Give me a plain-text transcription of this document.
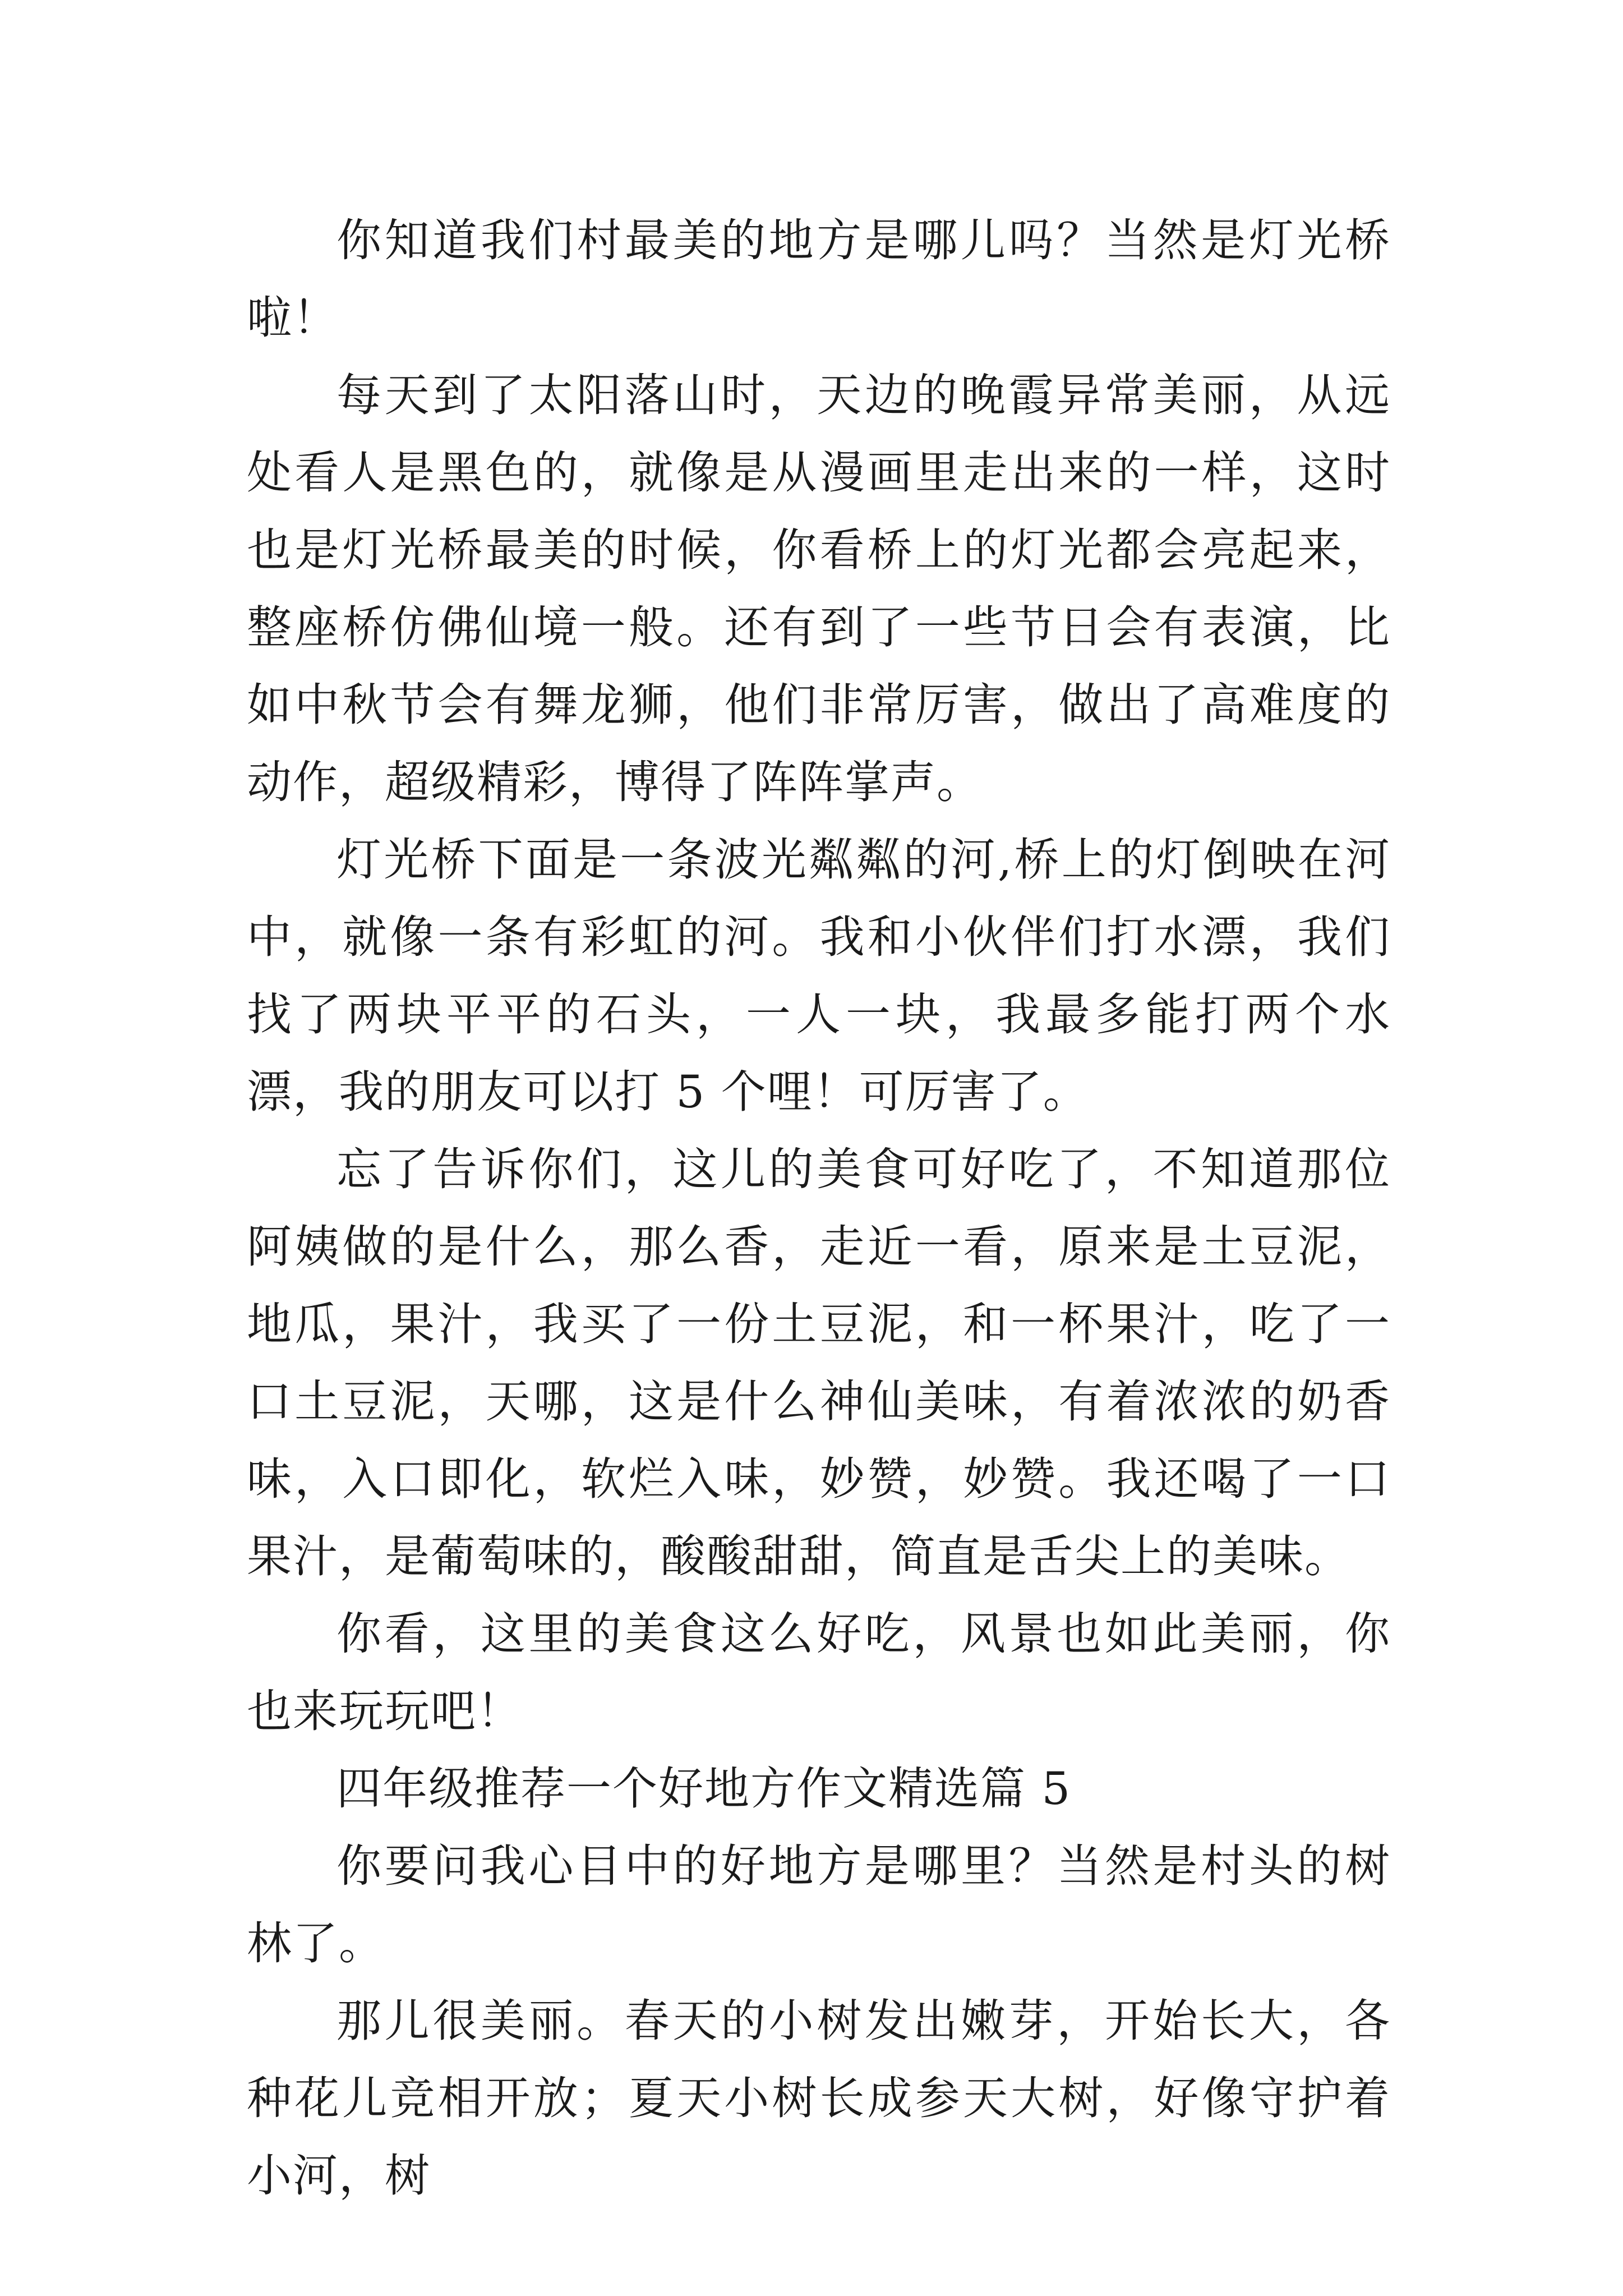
你知道我们村最美的地方是哪儿吗？当然是灯光桥啦！

每天到了太阳落山时，天边的晚霞异常美丽，从远处看人是黑色的，就像是从漫画里走出来的一样，这时也是灯光桥最美的时候，你看桥上的灯光都会亮起来，整座桥仿佛仙境一般。还有到了一些节日会有表演，比如中秋节会有舞龙狮，他们非常厉害，做出了高难度的动作，超级精彩，博得了阵阵掌声。

灯光桥下面是一条波光粼粼的河,桥上的灯倒映在河中，就像一条有彩虹的河。我和小伙伴们打水漂，我们找了两块平平的石头，一人一块，我最多能打两个水漂，我的朋友可以打 5 个哩！可厉害了。

忘了告诉你们，这儿的美食可好吃了，不知道那位阿姨做的是什么，那么香，走近一看，原来是土豆泥，地瓜，果汁，我买了一份土豆泥，和一杯果汁，吃了一口土豆泥，天哪，这是什么神仙美味，有着浓浓的奶香味，入口即化，软烂入味，妙赞，妙赞。我还喝了一口果汁，是葡萄味的，酸酸甜甜，简直是舌尖上的美味。

你看，这里的美食这么好吃，风景也如此美丽，你也来玩玩吧！

四年级推荐一个好地方作文精选篇 5

你要问我心目中的好地方是哪里？当然是村头的树林了。

那儿很美丽。春天的小树发出嫩芽，开始长大，各种花儿竞相开放；夏天小树长成参天大树，好像守护着小河，树
